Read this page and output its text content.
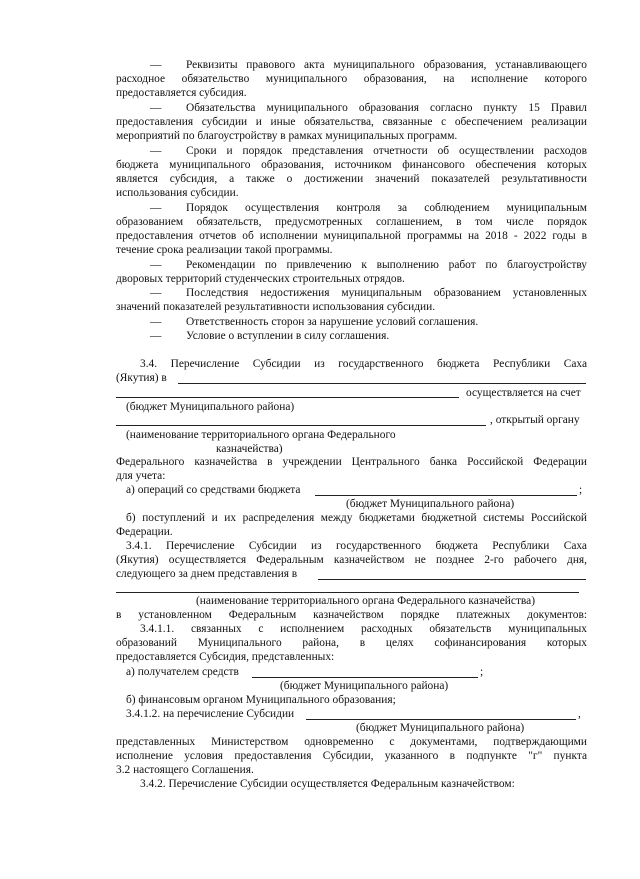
— Реквизиты правового акта муниципального образования, устанавливающего
расходное обязательство муниципального образования, на исполнение которого
предоставляется субсидия.
— Обязательства муниципального образования согласно пункту 15 Правил
предоставления субсидии и иные обязательства, связанные с обеспечением реализации
мероприятий по благоустройству в рамках муниципальных программ.
— Сроки и порядок представления отчетности об осуществлении расходов
бюджета муниципального образования, источником финансового обеспечения которых
является субсидия, а также о достижении значений показателей результативности
использования субсидии.
— Порядок осуществления контроля за соблюдением муниципальным
образованием обязательств, предусмотренных соглашением, в том числе порядок
предоставления отчетов об исполнении муниципальной программы на 2018 - 2022 годы в
течение срока реализации такой программы.
— Рекомендации по привлечению к выполнению работ по благоустройству
дворовых территорий студенческих строительных отрядов.
— Последствия недостижения муниципальным образованием установленных
значений показателей результативности использования субсидии.
— Ответственность сторон за нарушение условий соглашения.
— Условие о вступлении в силу соглашения.
3.4. Перечисление Субсидии из государственного бюджета Республики Саха
(Якутия) в
осуществляется на счет
(бюджет Муниципального района)
, открытый органу
(наименование территориального органа Федерального
казначейства)
Федерального казначейства в учреждении Центрального банка Российской Федерации
для учета:
а) операций со средствами бюджета	;
(бюджет Муниципального района)
б) поступлений и их распределения между бюджетами бюджетной системы Российской
Федерации.
3.4.1. Перечисление Субсидии из государственного бюджета Республики Саха
(Якутия) осуществляется Федеральным казначейством не позднее 2-го рабочего дня,
следующего за днем представления в
(наименование территориального органа Федерального казначейства)
в установленном Федеральным казначейством порядке платежных документов:
3.4.1.1. связанных с исполнением расходных обязательств муниципальных
образований Муниципального района, в целях софинансирования которых
предоставляется Субсидия, представленных:
а) получателем средств	;
(бюджет Муниципального района)
б) финансовым органом Муниципального образования;
3.4.1.2. на перечисление Субсидии	,
(бюджет Муниципального района)
представленных Министерством одновременно с документами, подтверждающими
исполнение условия предоставления Субсидии, указанного в подпункте "г" пункта
3.2 настоящего Соглашения.
3.4.2. Перечисление Субсидии осуществляется Федеральным казначейством:
